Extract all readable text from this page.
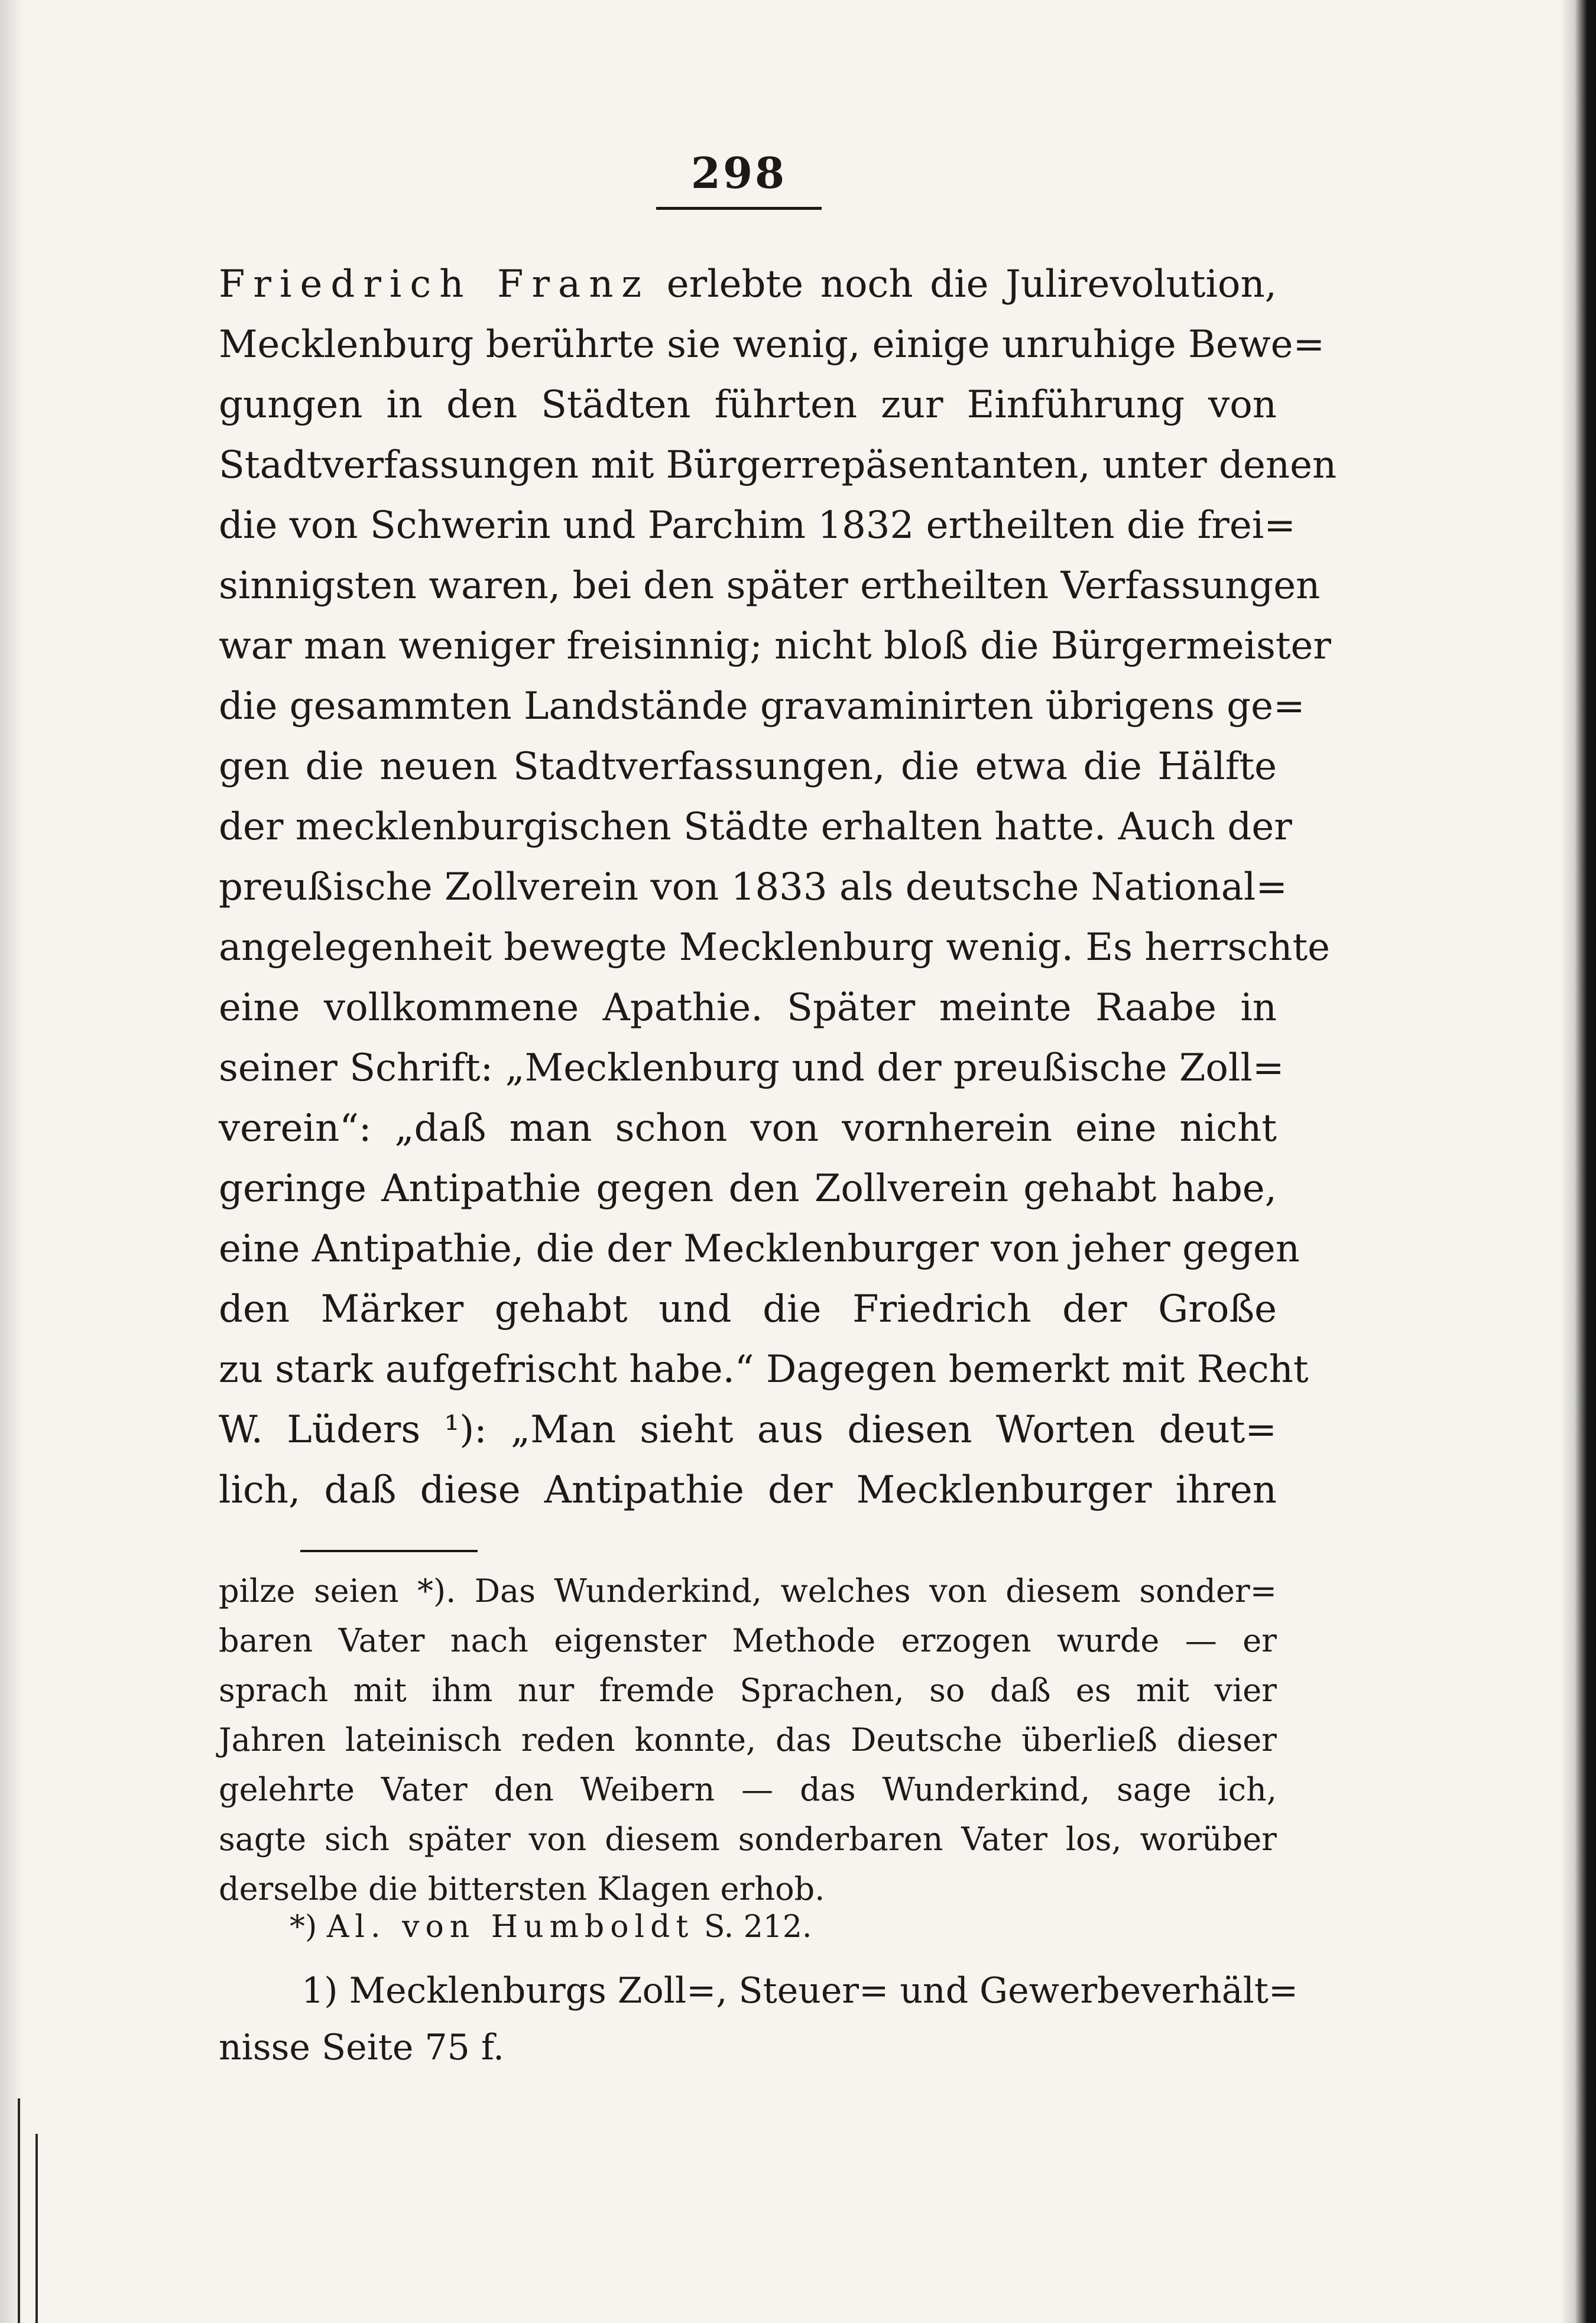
298
Friedrich Franz erlebte noch die Julirevolution,
Mecklenburg berührte sie wenig, einige unruhige Bewe=
gungen in den Städten führten zur Einführung von
Stadtverfassungen mit Bürgerrepäsentanten, unter denen
die von Schwerin und Parchim 1832 ertheilten die frei=
sinnigsten waren, bei den später ertheilten Verfassungen
war man weniger freisinnig; nicht bloß die Bürgermeister
die gesammten Landstände gravaminirten übrigens ge=
gen die neuen Stadtverfassungen, die etwa die Hälfte
der mecklenburgischen Städte erhalten hatte. Auch der
preußische Zollverein von 1833 als deutsche National=
angelegenheit bewegte Mecklenburg wenig. Es herrschte
eine vollkommene Apathie. Später meinte Raabe in
seiner Schrift: „Mecklenburg und der preußische Zoll=
verein“: „daß man schon von vornherein eine nicht
geringe Antipathie gegen den Zollverein gehabt habe,
eine Antipathie, die der Mecklenburger von jeher gegen
den Märker gehabt und die Friedrich der Große
zu stark aufgefrischt habe.“ Dagegen bemerkt mit Recht
W. Lüders ¹): „Man sieht aus diesen Worten deut=
lich, daß diese Antipathie der Mecklenburger ihren
pilze seien *). Das Wunderkind, welches von diesem sonder=
baren Vater nach eigenster Methode erzogen wurde — er
sprach mit ihm nur fremde Sprachen, so daß es mit vier
Jahren lateinisch reden konnte, das Deutsche überließ dieser
gelehrte Vater den Weibern — das Wunderkind, sage ich,
sagte sich später von diesem sonderbaren Vater los, worüber
derselbe die bittersten Klagen erhob.
*) Al. von Humboldt S. 212.
1) Mecklenburgs Zoll=, Steuer= und Gewerbeverhält=
nisse Seite 75 f.
